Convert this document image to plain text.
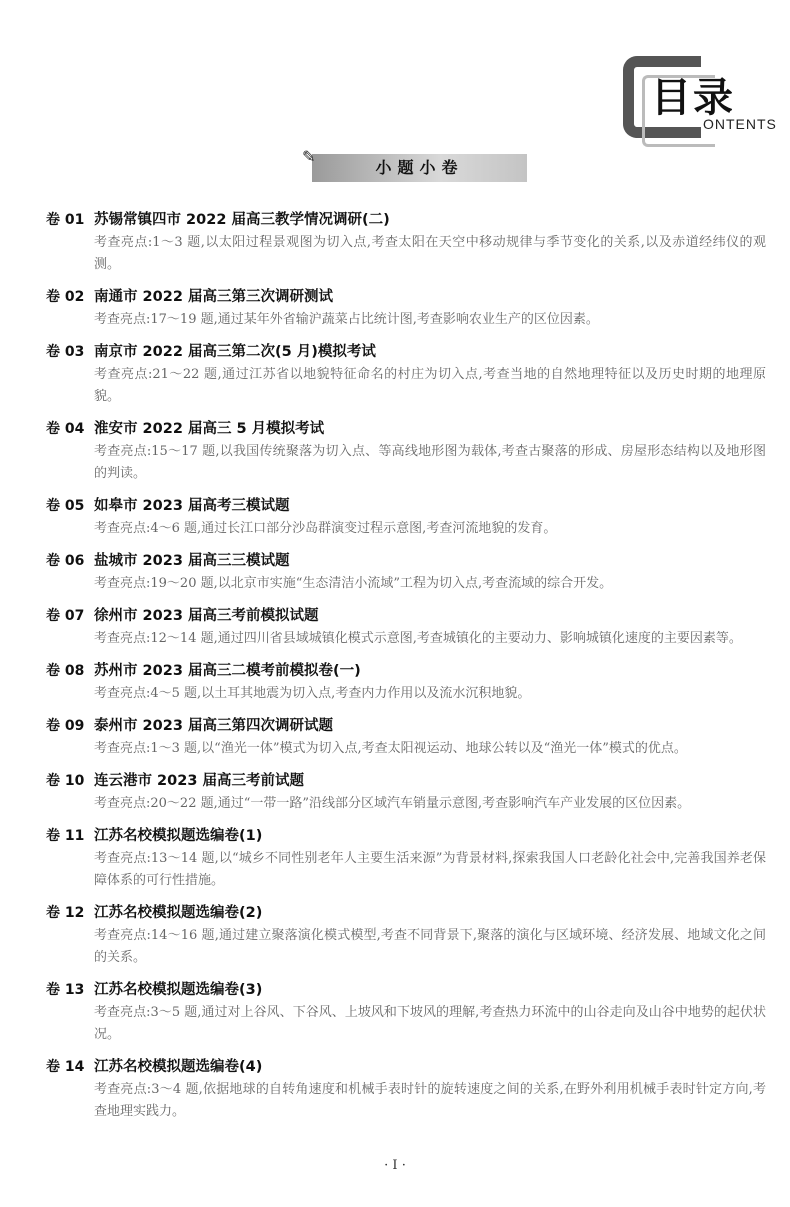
目录
ONTENTS
✎
小题小卷
卷 01 苏锡常镇四市 2022 届高三教学情况调研(二)
考查亮点:1～3 题,以太阳过程景观图为切入点,考查太阳在天空中移动规律与季节变化的关系,以及赤道经纬仪的观测。
卷 02 南通市 2022 届高三第三次调研测试
考查亮点:17～19 题,通过某年外省输沪蔬菜占比统计图,考查影响农业生产的区位因素。
卷 03 南京市 2022 届高三第二次(5 月)模拟考试
考查亮点:21～22 题,通过江苏省以地貌特征命名的村庄为切入点,考查当地的自然地理特征以及历史时期的地理原貌。
卷 04 淮安市 2022 届高三 5 月模拟考试
考查亮点:15～17 题,以我国传统聚落为切入点、等高线地形图为载体,考查古聚落的形成、房屋形态结构以及地形图的判读。
卷 05 如皋市 2023 届高考三模试题
考查亮点:4～6 题,通过长江口部分沙岛群演变过程示意图,考查河流地貌的发育。
卷 06 盐城市 2023 届高三三模试题
考查亮点:19～20 题,以北京市实施“生态清洁小流域”工程为切入点,考查流域的综合开发。
卷 07 徐州市 2023 届高三考前模拟试题
考查亮点:12～14 题,通过四川省县域城镇化模式示意图,考查城镇化的主要动力、影响城镇化速度的主要因素等。
卷 08 苏州市 2023 届高三二模考前模拟卷(一)
考查亮点:4～5 题,以土耳其地震为切入点,考查内力作用以及流水沉积地貌。
卷 09 泰州市 2023 届高三第四次调研试题
考查亮点:1～3 题,以“渔光一体”模式为切入点,考查太阳视运动、地球公转以及“渔光一体”模式的优点。
卷 10 连云港市 2023 届高三考前试题
考查亮点:20～22 题,通过“一带一路”沿线部分区域汽车销量示意图,考查影响汽车产业发展的区位因素。
卷 11 江苏名校模拟题选编卷(1)
考查亮点:13～14 题,以“城乡不同性别老年人主要生活来源”为背景材料,探索我国人口老龄化社会中,完善我国养老保障体系的可行性措施。
卷 12 江苏名校模拟题选编卷(2)
考查亮点:14～16 题,通过建立聚落演化模式模型,考查不同背景下,聚落的演化与区域环境、经济发展、地域文化之间的关系。
卷 13 江苏名校模拟题选编卷(3)
考查亮点:3～5 题,通过对上谷风、下谷风、上坡风和下坡风的理解,考查热力环流中的山谷走向及山谷中地势的起伏状况。
卷 14 江苏名校模拟题选编卷(4)
考查亮点:3～4 题,依据地球的自转角速度和机械手表时针的旋转速度之间的关系,在野外利用机械手表时针定方向,考查地理实践力。
· Ⅰ ·
